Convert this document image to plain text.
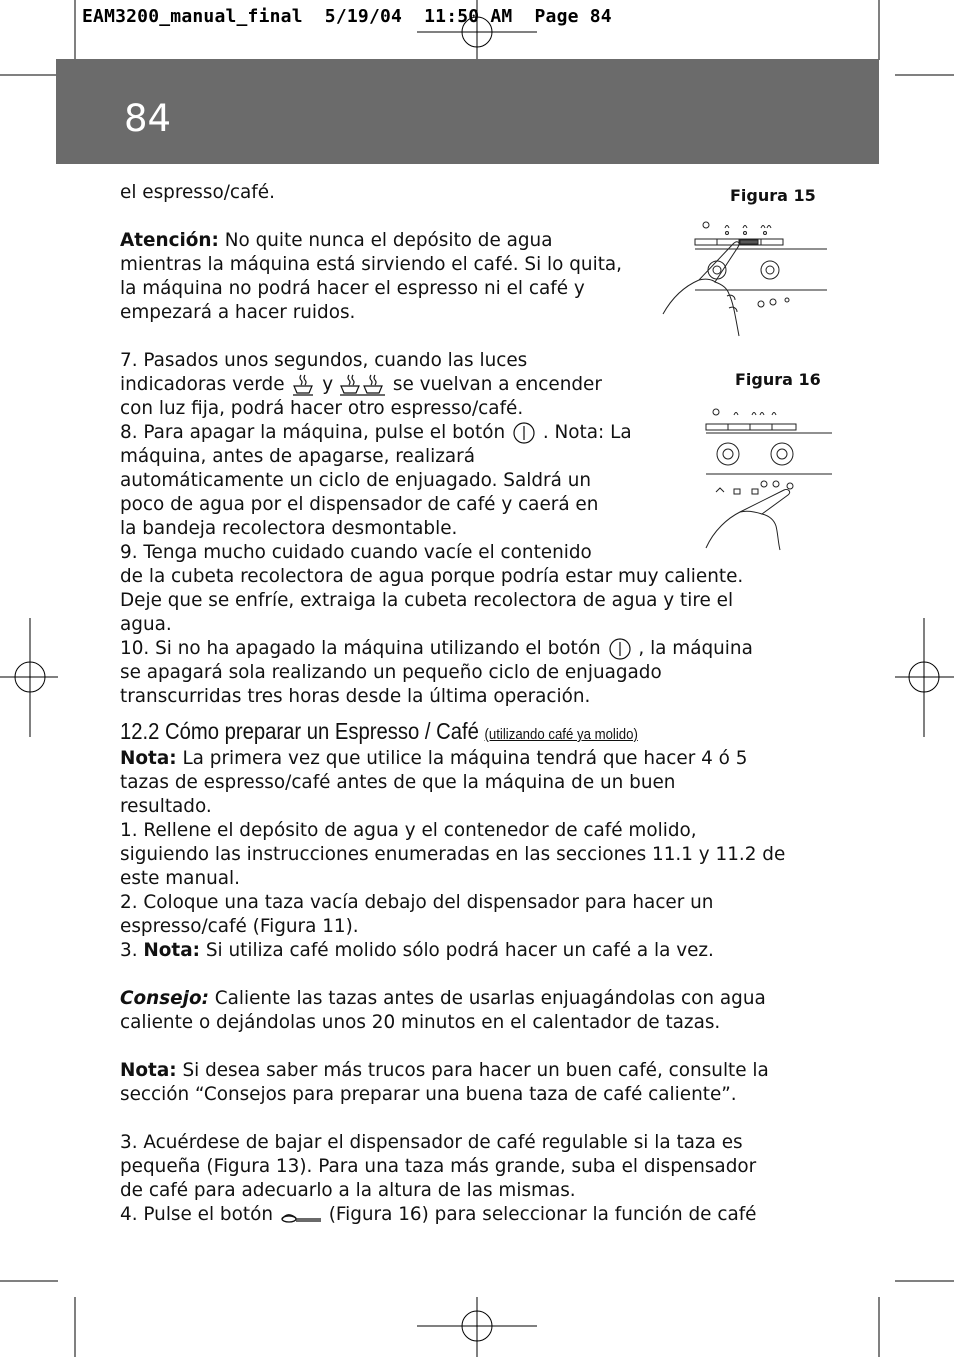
EAM3200_manual_final  5/19/04  11:50 AM  Page 84
84
Figura 15
Figura 16
el espresso/café.
Atención: No quite nunca el depósito de agua
mientras la máquina está sirviendo el café. Si lo quita,
la máquina no podrá hacer el espresso ni el café y
empezará a hacer ruidos.
7. Pasados unos segundos, cuando las luces
indicadoras verde  y	se vuelvan a encender
con luz fija, podrá hacer otro espresso/café.
8. Para apagar la máquina, pulse el botón . Nota: La
máquina, antes de apagarse, realizará
automáticamente un ciclo de enjuagado. Saldrá un
poco de agua por el dispensador de café y caerá en
la bandeja recolectora desmontable.
9. Tenga mucho cuidado cuando vacíe el contenido
de la cubeta recolectora de agua porque podría estar muy caliente.
Deje que se enfríe, extraiga la cubeta recolectora de agua y tire el
agua.
10. Si no ha apagado la máquina utilizando el botón , la máquina
se apagará sola realizando un pequeño ciclo de enjuagado
transcurridas tres horas desde la última operación.
12.2 Cómo preparar un Espresso / Café (utilizando café ya molido)
Nota: La primera vez que utilice la máquina tendrá que hacer 4 ó 5
tazas de espresso/café antes de que la máquina de un buen
resultado.
1. Rellene el depósito de agua y el contenedor de café molido,
siguiendo las instrucciones enumeradas en las secciones 11.1 y 11.2 de
este manual.
2. Coloque una taza vacía debajo del dispensador para hacer un
espresso/café (Figura 11).
3. Nota: Si utiliza café molido sólo podrá hacer un café a la vez.
Consejo: Caliente las tazas antes de usarlas enjuagándolas con agua
caliente o dejándolas unos 20 minutos en el calentador de tazas.
Nota: Si desea saber más trucos para hacer un buen café, consulte la
sección “Consejos para preparar una buena taza de café caliente”.
3. Acuérdese de bajar el dispensador de café regulable si la taza es
pequeña (Figura 13). Para una taza más grande, suba el dispensador
de café para adecuarlo a la altura de las mismas.
4. Pulse el botón	(Figura 16) para seleccionar la función de café
